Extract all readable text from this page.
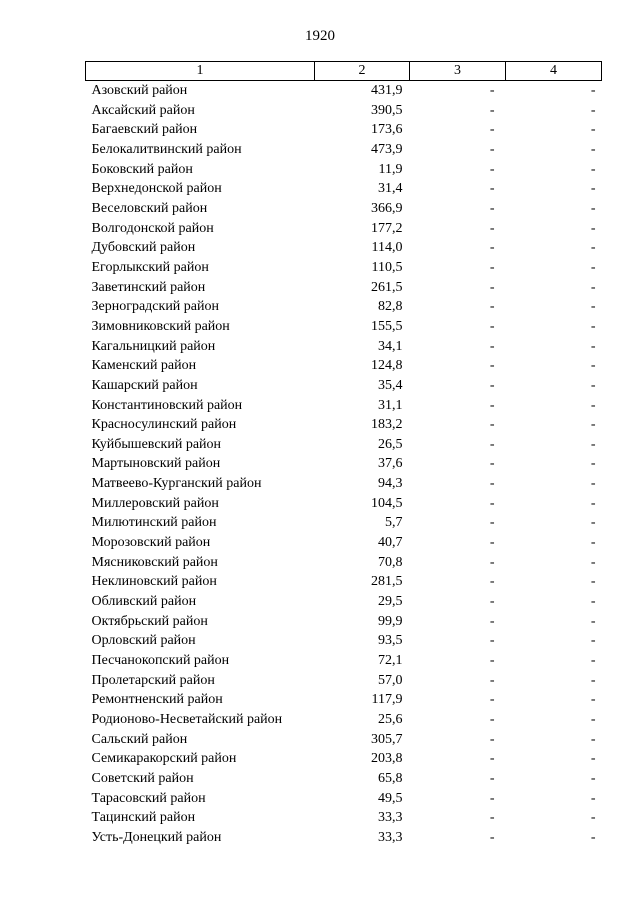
1920
1	2	3	4
Азовский район	431,9	-	-
Аксайский район	390,5	-	-
Багаевский район	173,6	-	-
Белокалитвинский район	473,9	-	-
Боковский район	11,9	-	-
Верхнедонской район	31,4	-	-
Веселовский район	366,9	-	-
Волгодонской район	177,2	-	-
Дубовский район	114,0	-	-
Егорлыкский район	110,5	-	-
Заветинский район	261,5	-	-
Зерноградский район	82,8	-	-
Зимовниковский район	155,5	-	-
Кагальницкий район	34,1	-	-
Каменский район	124,8	-	-
Кашарский район	35,4	-	-
Константиновский район	31,1	-	-
Красносулинский район	183,2	-	-
Куйбышевский район	26,5	-	-
Мартыновский район	37,6	-	-
Матвеево-Курганский район	94,3	-	-
Миллеровский район	104,5	-	-
Милютинский район	5,7	-	-
Морозовский район	40,7	-	-
Мясниковский район	70,8	-	-
Неклиновский район	281,5	-	-
Обливский район	29,5	-	-
Октябрьский район	99,9	-	-
Орловский район	93,5	-	-
Песчанокопский район	72,1	-	-
Пролетарский район	57,0	-	-
Ремонтненский район	117,9	-	-
Родионово-Несветайский район	25,6	-	-
Сальский район	305,7	-	-
Семикаракорский район	203,8	-	-
Советский район	65,8	-	-
Тарасовский район	49,5	-	-
Тацинский район	33,3	-	-
Усть-Донецкий район	33,3	-	-
